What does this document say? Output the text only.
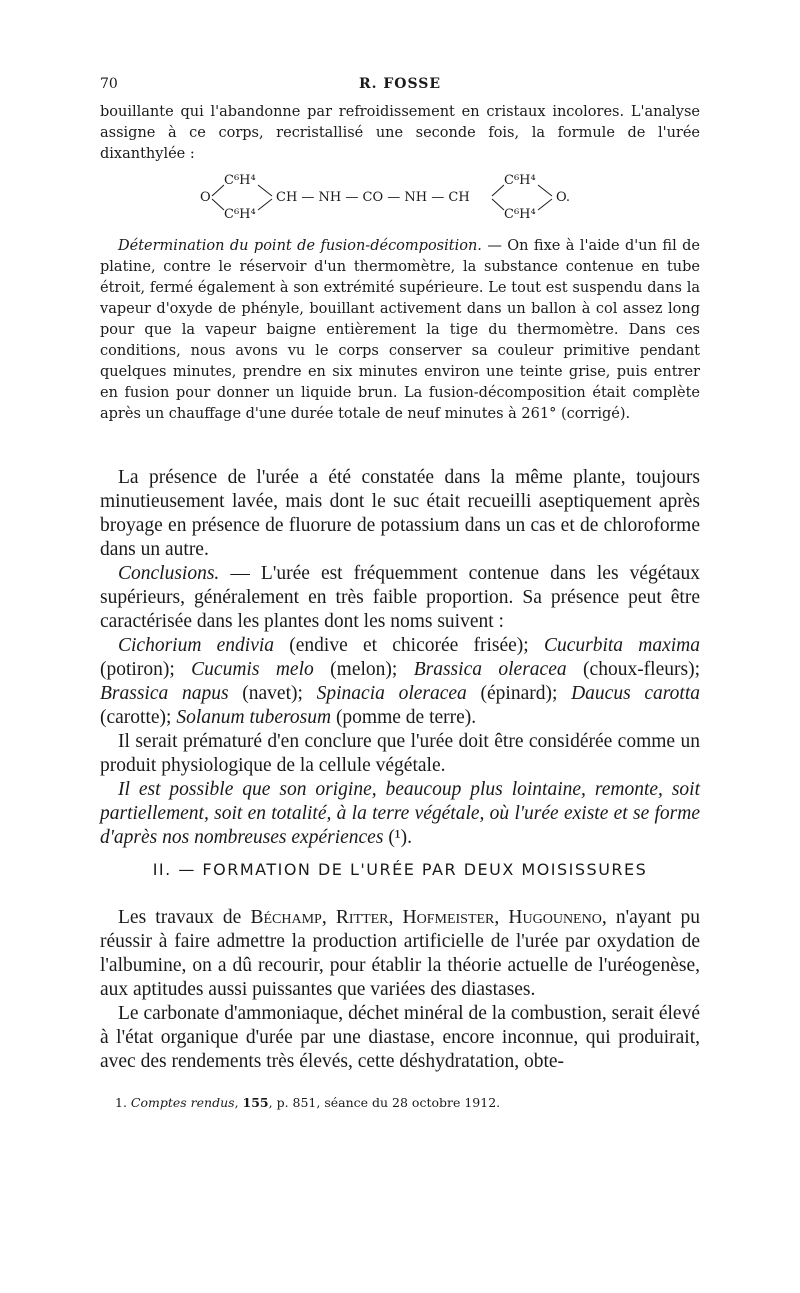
70	R. FOSSE

bouillante qui l'abandonne par refroidissement en cristaux incolores. L'analyse assigne à ce corps, recristallisé une seconde fois, la formule de l'urée dixanthylée :

O
C⁶H⁴
C⁶H⁴
CH — NH — CO — NH — CH
C⁶H⁴
C⁶H⁴
O.

Détermination du point de fusion-décomposition. — On fixe à l'aide d'un fil de platine, contre le réservoir d'un thermomètre, la substance contenue en tube étroit, fermé également à son extrémité supérieure. Le tout est suspendu dans la vapeur d'oxyde de phényle, bouillant activement dans un ballon à col assez long pour que la vapeur baigne entièrement la tige du thermomètre. Dans ces conditions, nous avons vu le corps conserver sa couleur primitive pendant quelques minutes, prendre en six minutes environ une teinte grise, puis entrer en fusion pour donner un liquide brun. La fusion-décomposition était complète après un chauffage d'une durée totale de neuf minutes à 261° (corrigé).

La présence de l'urée a été constatée dans la même plante, toujours minutieusement lavée, mais dont le suc était recueilli aseptiquement après broyage en présence de fluorure de potassium dans un cas et de chloroforme dans un autre.

Conclusions. — L'urée est fréquemment contenue dans les végétaux supérieurs, généralement en très faible proportion. Sa présence peut être caractérisée dans les plantes dont les noms suivent :

Cichorium endivia (endive et chicorée frisée); Cucurbita maxima (potiron); Cucumis melo (melon); Brassica oleracea (choux-fleurs); Brassica napus (navet); Spinacia oleracea (épinard); Daucus carotta (carotte); Solanum tuberosum (pomme de terre).

Il serait prématuré d'en conclure que l'urée doit être considérée comme un produit physiologique de la cellule végétale.

Il est possible que son origine, beaucoup plus lointaine, remonte, soit partiellement, soit en totalité, à la terre végétale, où l'urée existe et se forme d'après nos nombreuses expériences (¹).

II. — FORMATION DE L'URÉE PAR DEUX MOISISSURES

Les travaux de Béchamp, Ritter, Hofmeister, Hugouneno, n'ayant pu réussir à faire admettre la production artificielle de l'urée par oxydation de l'albumine, on a dû recourir, pour établir la théorie actuelle de l'uréogenèse, aux aptitudes aussi puissantes que variées des diastases.

Le carbonate d'ammoniaque, déchet minéral de la combustion, serait élevé à l'état organique d'urée par une diastase, encore inconnue, qui produirait, avec des rendements très élevés, cette déshydratation, obte-

1. Comptes rendus, 155, p. 851, séance du 28 octobre 1912.
